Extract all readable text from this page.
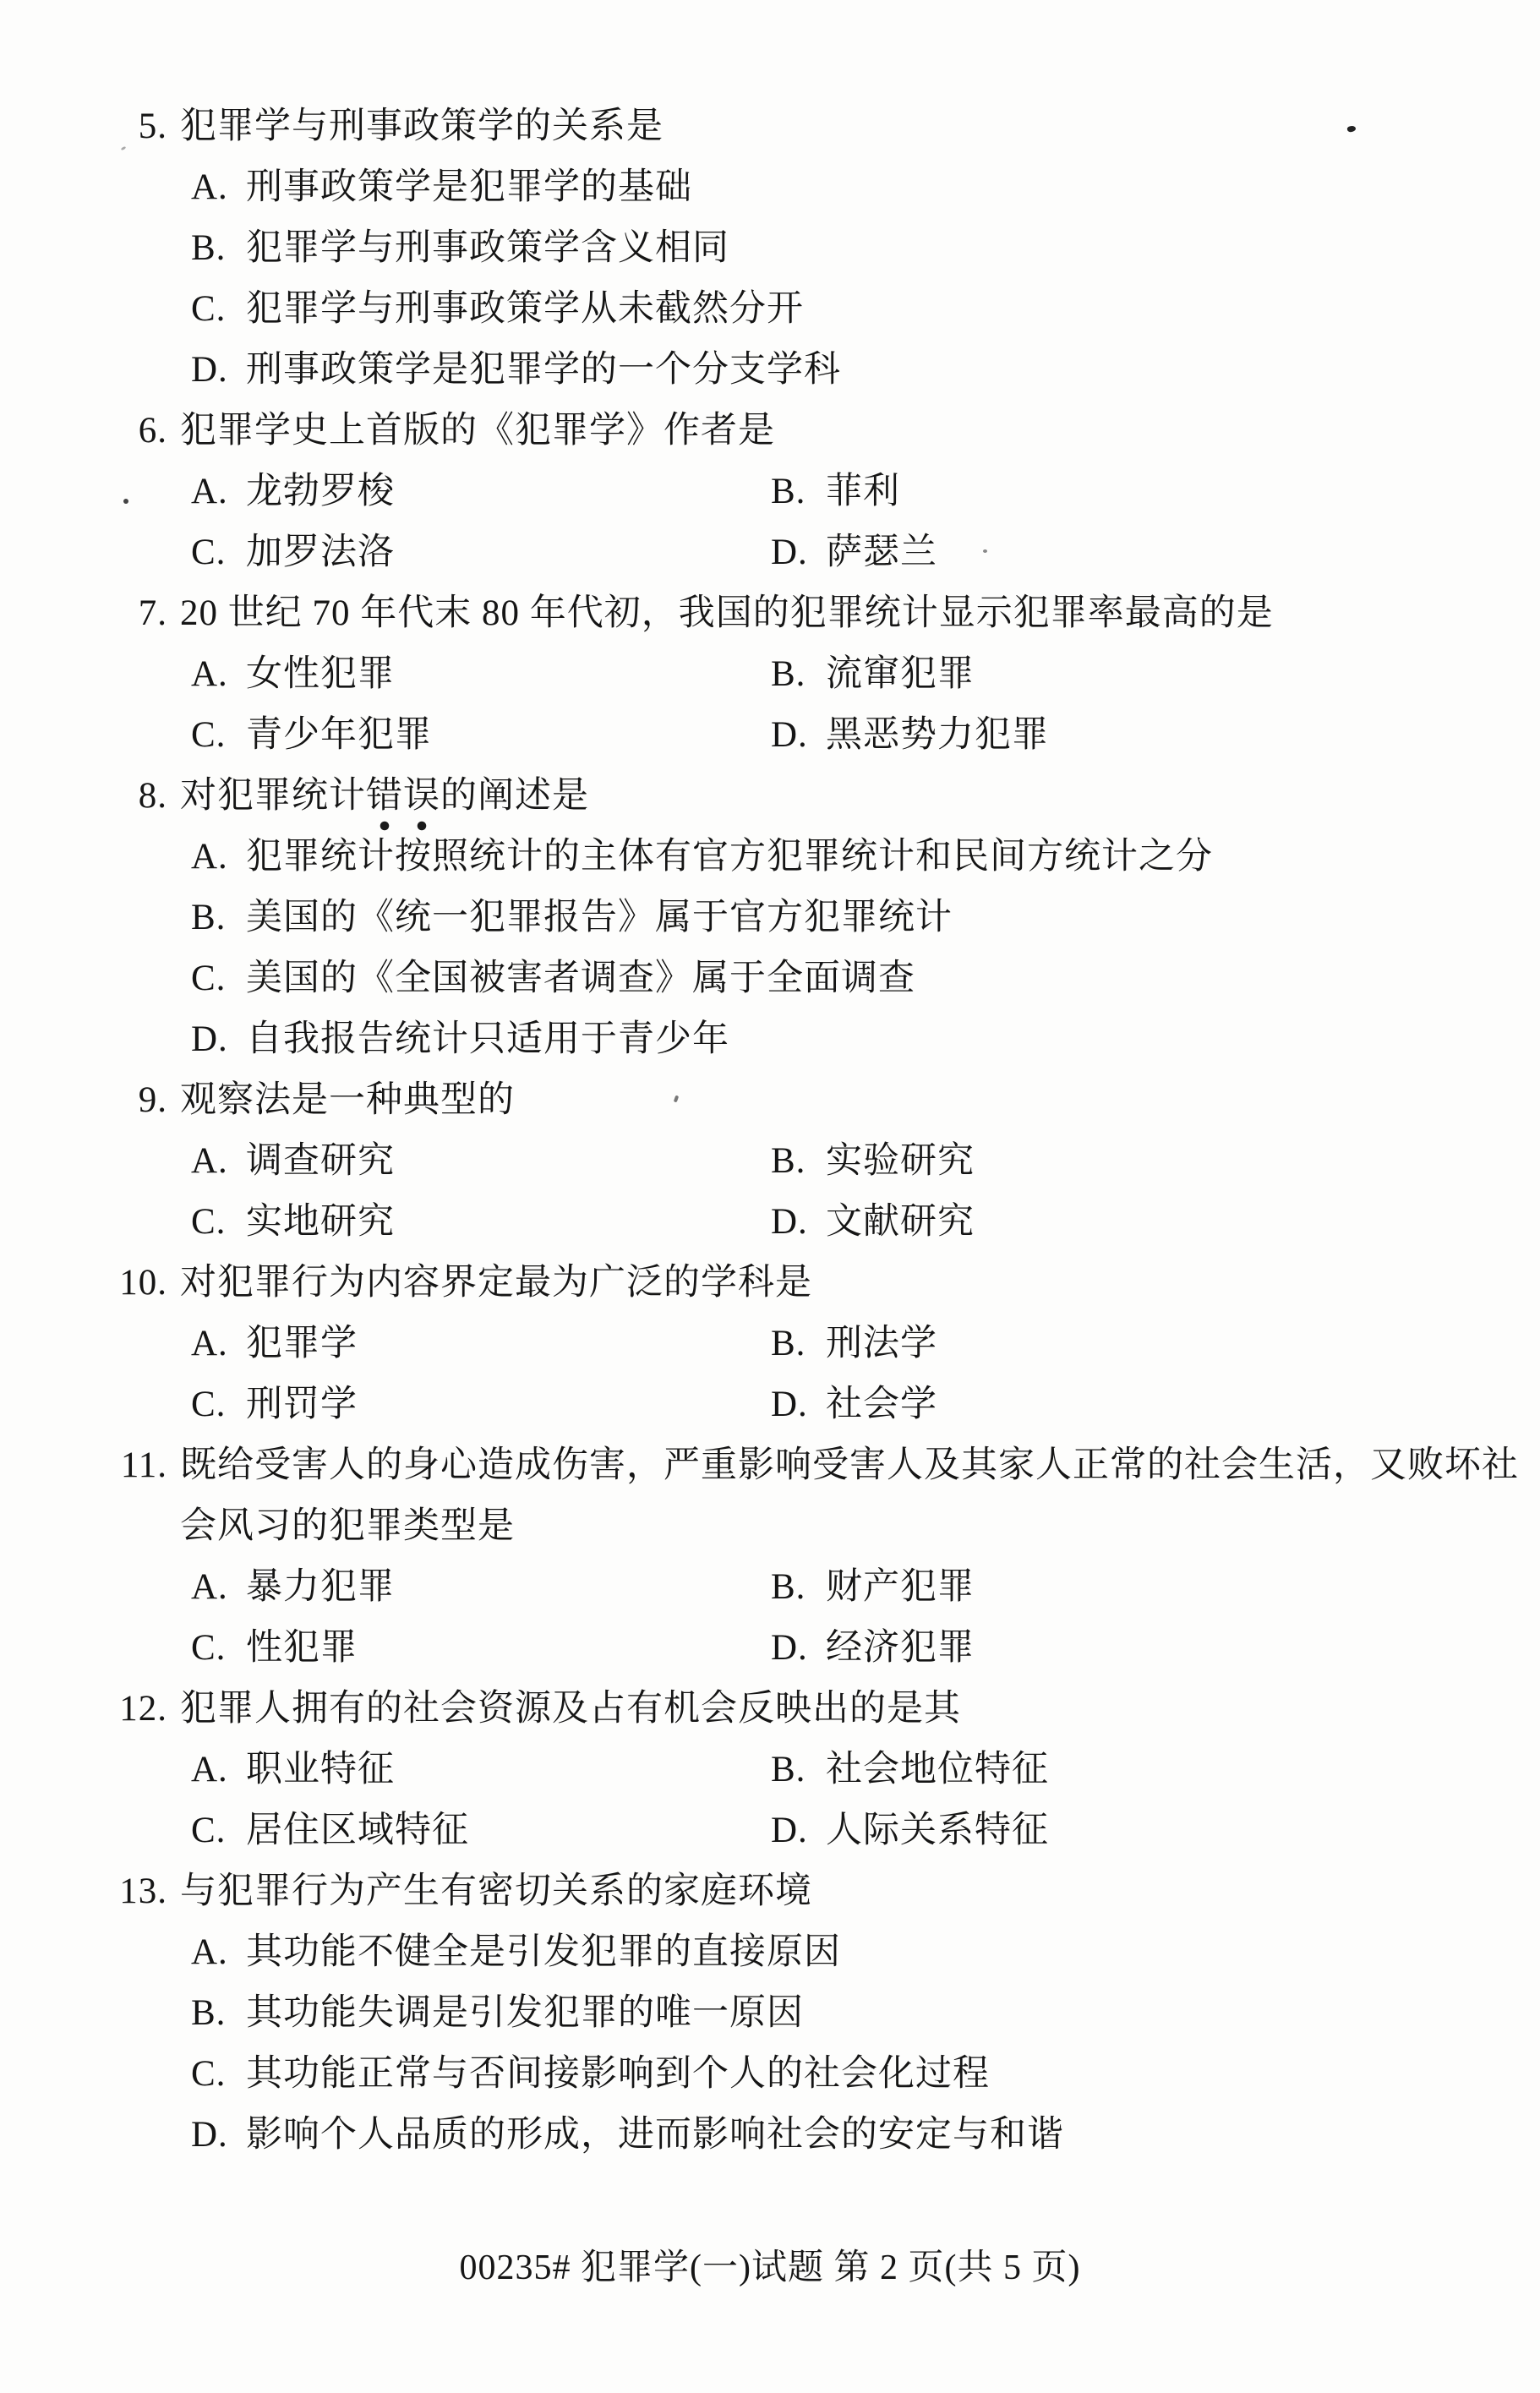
5. 犯罪学与刑事政策学的关系是
A. 刑事政策学是犯罪学的基础
B. 犯罪学与刑事政策学含义相同
C. 犯罪学与刑事政策学从未截然分开
D. 刑事政策学是犯罪学的一个分支学科
6. 犯罪学史上首版的《犯罪学》作者是
A. 龙勃罗梭	B. 菲利
C. 加罗法洛	D. 萨瑟兰
7. 20 世纪 70 年代末 80 年代初，我国的犯罪统计显示犯罪率最高的是
A. 女性犯罪	B. 流窜犯罪
C. 青少年犯罪	D. 黑恶势力犯罪
8. 对犯罪统计错误的阐述是
A. 犯罪统计按照统计的主体有官方犯罪统计和民间方统计之分
B. 美国的《统一犯罪报告》属于官方犯罪统计
C. 美国的《全国被害者调查》属于全面调查
D. 自我报告统计只适用于青少年
9. 观察法是一种典型的
A. 调查研究	B. 实验研究
C. 实地研究	D. 文献研究
10. 对犯罪行为内容界定最为广泛的学科是
A. 犯罪学	B. 刑法学
C. 刑罚学	D. 社会学
11. 既给受害人的身心造成伤害，严重影响受害人及其家人正常的社会生活，又败坏社会风习的犯罪类型是
A. 暴力犯罪	B. 财产犯罪
C. 性犯罪	D. 经济犯罪
12. 犯罪人拥有的社会资源及占有机会反映出的是其
A. 职业特征	B. 社会地位特征
C. 居住区域特征	D. 人际关系特征
13. 与犯罪行为产生有密切关系的家庭环境
A. 其功能不健全是引发犯罪的直接原因
B. 其功能失调是引发犯罪的唯一原因
C. 其功能正常与否间接影响到个人的社会化过程
D. 影响个人品质的形成，进而影响社会的安定与和谐
00235# 犯罪学(一)试题 第 2 页(共 5 页)
